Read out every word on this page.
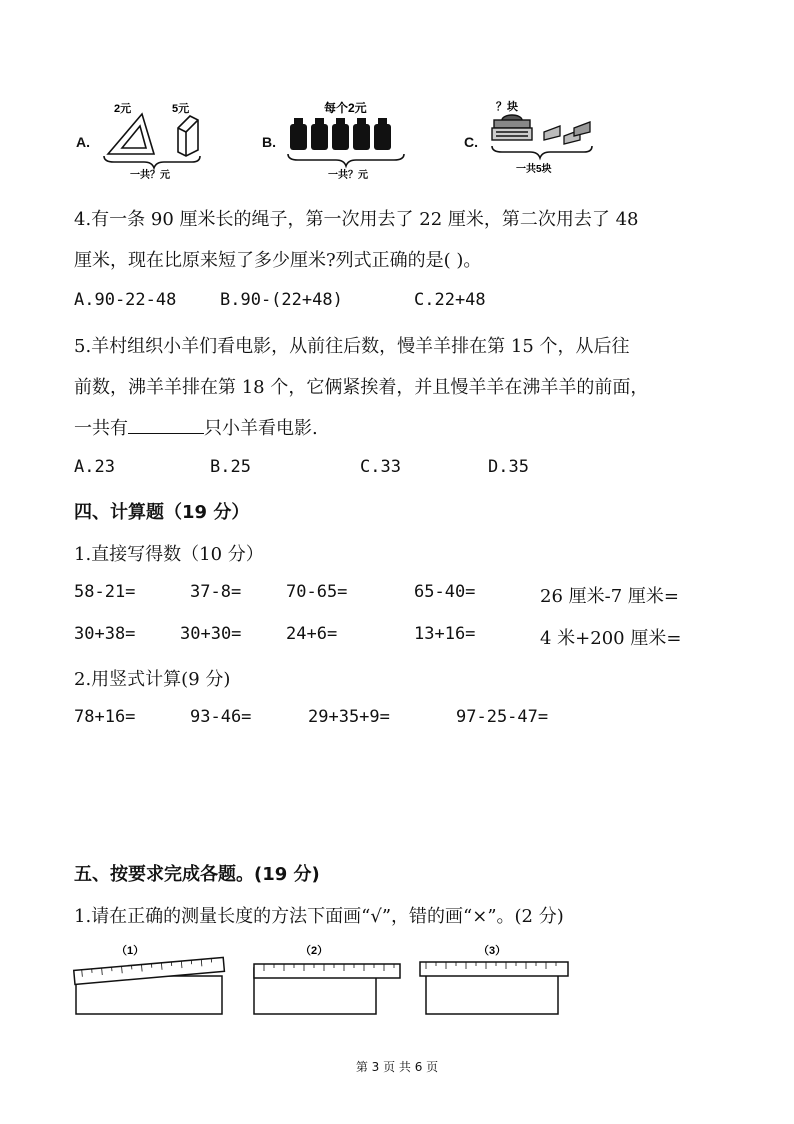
A.
2元	5元
一共？元
B.
每个2元
一共？元
C.
？块
一共5块
4.有一条 90 厘米长的绳子，第一次用去了 22 厘米，第二次用去了 48
厘米，现在比原来短了多少厘米?列式正确的是( )。
A.90-22-48	B.90-(22+48)	C.22+48
5.羊村组织小羊们看电影，从前往后数，慢羊羊排在第 15 个，从后往
前数，沸羊羊排在第 18 个，它俩紧挨着，并且慢羊羊在沸羊羊的前面，
一共有	只小羊看电影.
A.23	B.25	C.33	D.35
四、计算题（19 分）
1.直接写得数（10 分）
58-21=	37-8=	70-65=	65-40=	26 厘米-7 厘米=
30+38=	30+30=	24+6=	13+16=	4 米+200 厘米=
2.用竖式计算(9 分)
78+16=	93-46=	29+35+9=	97-25-47=
五、按要求完成各题。(19 分)
1.请在正确的测量长度的方法下面画“√”，错的画“×”。(2 分)
（1）	（2）	（3）
第 3 页 共 6 页
